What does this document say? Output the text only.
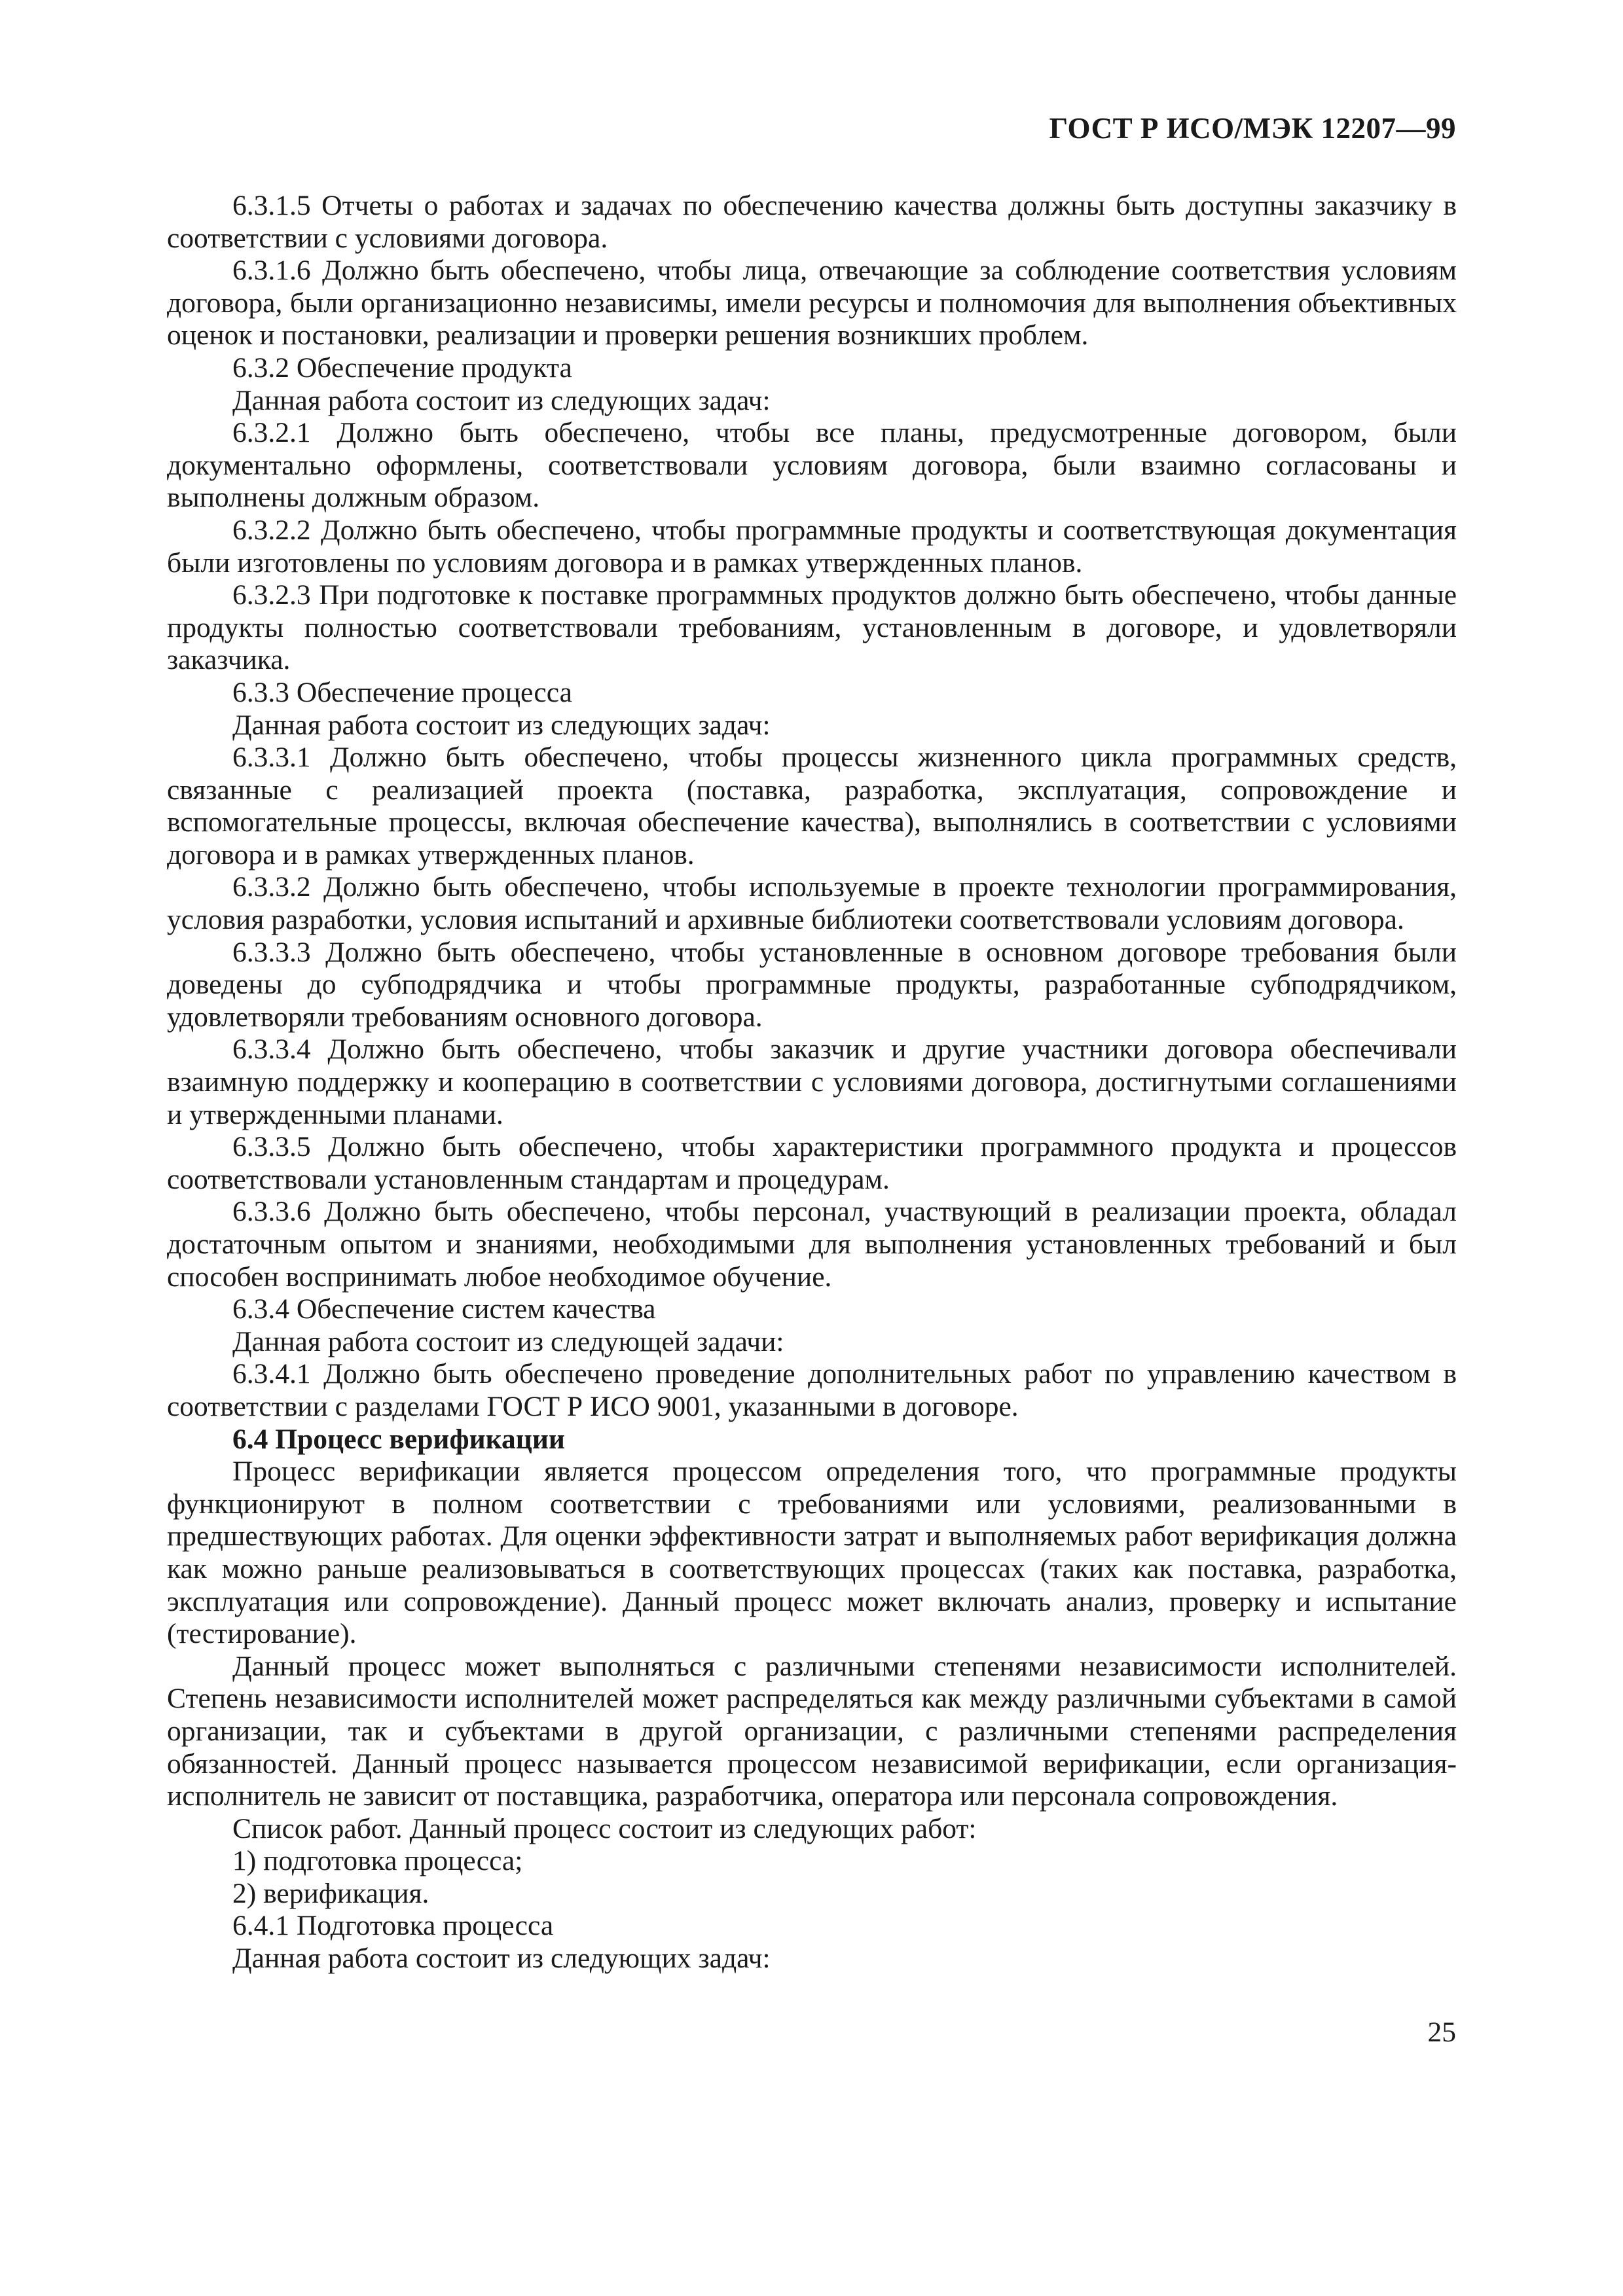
ГОСТ Р ИСО/МЭК 12207—99

6.3.1.5 Отчеты о работах и задачах по обеспечению качества должны быть доступны заказчику в соответствии с условиями договора.

6.3.1.6 Должно быть обеспечено, чтобы лица, отвечающие за соблюдение соответствия условиям договора, были организационно независимы, имели ресурсы и полномочия для выполнения объективных оценок и постановки, реализации и проверки решения возникших проблем.

6.3.2 Обеспечение продукта

Данная работа состоит из следующих задач:

6.3.2.1 Должно быть обеспечено, чтобы все планы, предусмотренные договором, были документально оформлены, соответствовали условиям договора, были взаимно согласованы и выполнены должным образом.

6.3.2.2 Должно быть обеспечено, чтобы программные продукты и соответствующая документация были изготовлены по условиям договора и в рамках утвержденных планов.

6.3.2.3 При подготовке к поставке программных продуктов должно быть обеспечено, чтобы данные продукты полностью соответствовали требованиям, установленным в договоре, и удовлетворяли заказчика.

6.3.3 Обеспечение процесса

Данная работа состоит из следующих задач:

6.3.3.1 Должно быть обеспечено, чтобы процессы жизненного цикла программных средств, связанные с реализацией проекта (поставка, разработка, эксплуатация, сопровождение и вспомогательные процессы, включая обеспечение качества), выполнялись в соответствии с условиями договора и в рамках утвержденных планов.

6.3.3.2 Должно быть обеспечено, чтобы используемые в проекте технологии программирования, условия разработки, условия испытаний и архивные библиотеки соответствовали условиям договора.

6.3.3.3 Должно быть обеспечено, чтобы установленные в основном договоре требования были доведены до субподрядчика и чтобы программные продукты, разработанные субподрядчиком, удовлетворяли требованиям основного договора.

6.3.3.4 Должно быть обеспечено, чтобы заказчик и другие участники договора обеспечивали взаимную поддержку и кооперацию в соответствии с условиями договора, достигнутыми соглашениями и утвержденными планами.

6.3.3.5 Должно быть обеспечено, чтобы характеристики программного продукта и процессов соответствовали установленным стандартам и процедурам.

6.3.3.6 Должно быть обеспечено, чтобы персонал, участвующий в реализации проекта, обладал достаточным опытом и знаниями, необходимыми для выполнения установленных требований и был способен воспринимать любое необходимое обучение.

6.3.4 Обеспечение систем качества

Данная работа состоит из следующей задачи:

6.3.4.1 Должно быть обеспечено проведение дополнительных работ по управлению качеством в соответствии с разделами ГОСТ Р ИСО 9001, указанными в договоре.

6.4 Процесс верификации

Процесс верификации является процессом определения того, что программные продукты функционируют в полном соответствии с требованиями или условиями, реализованными в предшествующих работах. Для оценки эффективности затрат и выполняемых работ верификация должна как можно раньше реализовываться в соответствующих процессах (таких как поставка, разработка, эксплуатация или сопровождение). Данный процесс может включать анализ, проверку и испытание (тестирование).

Данный процесс может выполняться с различными степенями независимости исполнителей. Степень независимости исполнителей может распределяться как между различными субъектами в самой организации, так и субъектами в другой организации, с различными степенями распределения обязанностей. Данный процесс называется процессом независимой верификации, если организация-исполнитель не зависит от поставщика, разработчика, оператора или персонала сопровождения.

Список работ. Данный процесс состоит из следующих работ:

1) подготовка процесса;

2) верификация.

6.4.1 Подготовка процесса

Данная работа состоит из следующих задач:

25
